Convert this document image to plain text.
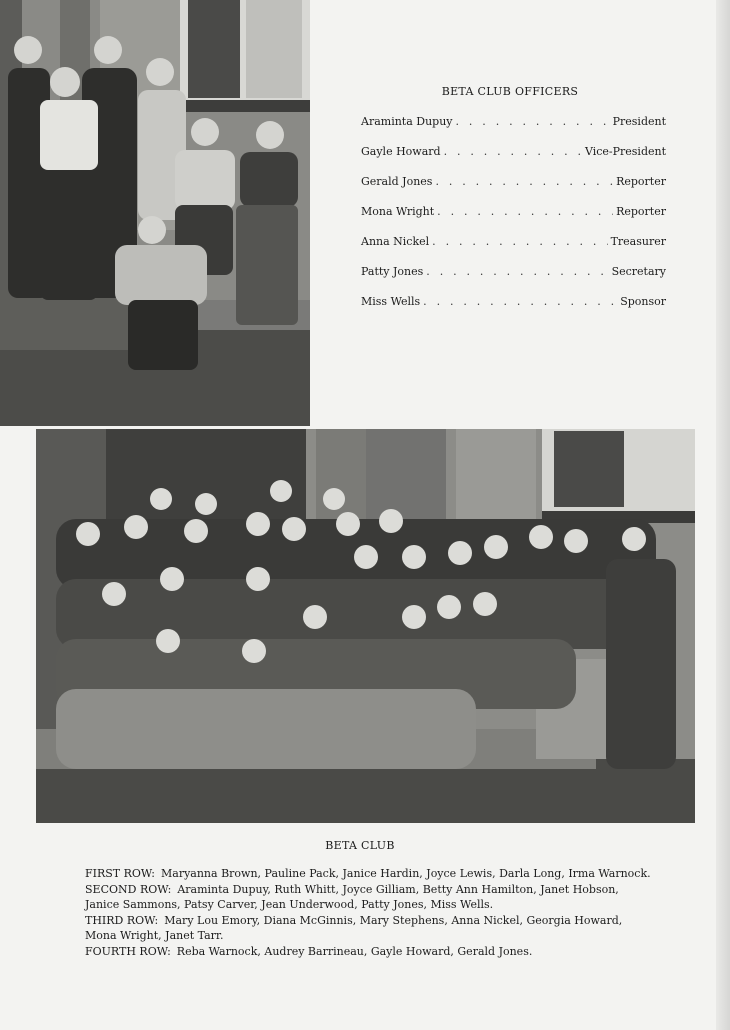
BETA CLUB OFFICERS
Araminta Dupuy . . .	President
Gayle Howard . . .	Vice-President
Gerald Jones . . .	Reporter
Mona Wright . . .	Reporter
Anna Nickel . . .	Treasurer
Patty Jones . . .	Secretary
Miss Wells . . .	Sponsor
BETA CLUB

FIRST ROW: Maryanna Brown, Pauline Pack, Janice Hardin, Joyce Lewis, Darla Long, Irma Warnock.

SECOND ROW: Araminta Dupuy, Ruth Whitt, Joyce Gilliam, Betty Ann Hamilton, Janet Hobson, Janice Sammons, Patsy Carver, Jean Underwood, Patty Jones, Miss Wells.

THIRD ROW: Mary Lou Emory, Diana McGinnis, Mary Stephens, Anna Nickel, Georgia Howard, Mona Wright, Janet Tarr.

FOURTH ROW: Reba Warnock, Audrey Barrineau, Gayle Howard, Gerald Jones.
